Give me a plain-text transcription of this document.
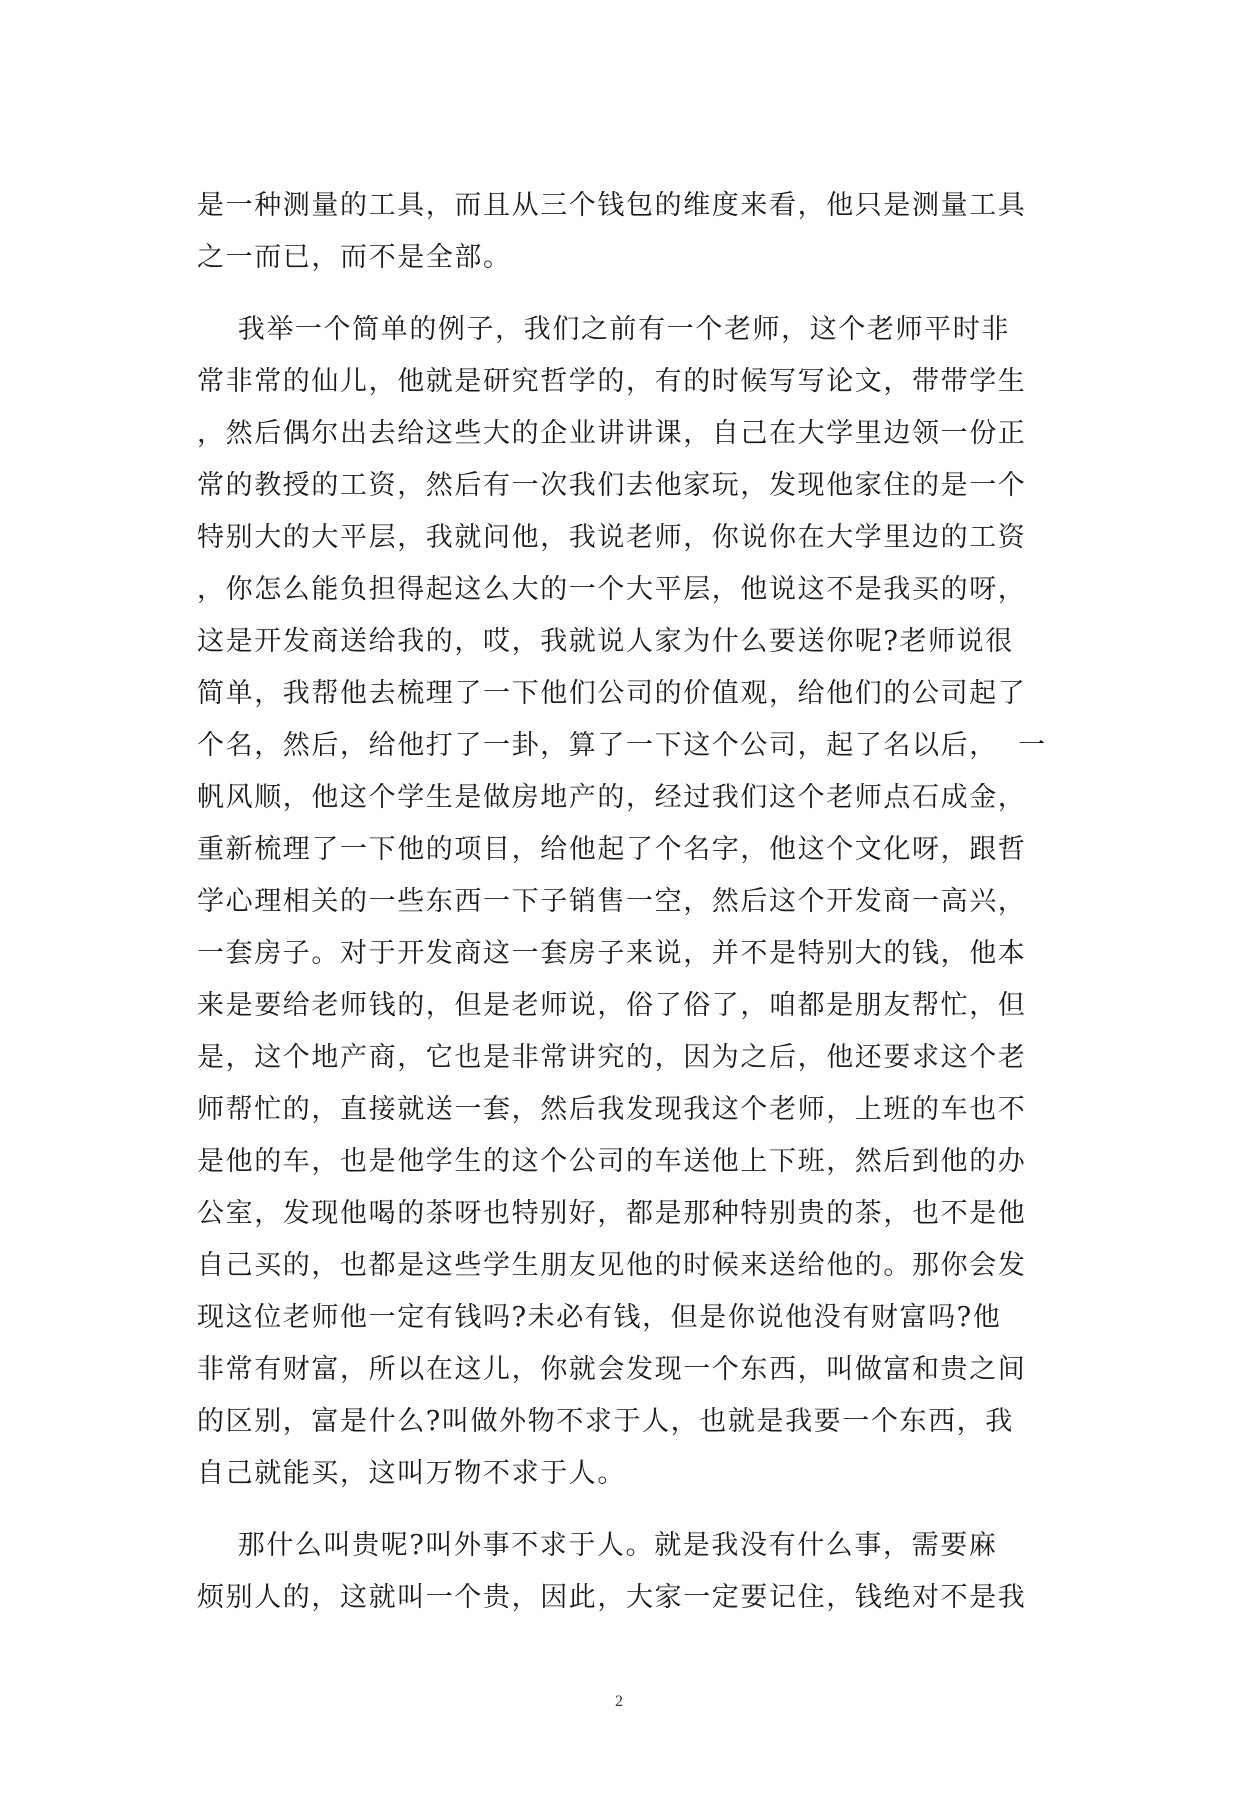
是一种测量的工具，而且从三个钱包的维度来看，他只是测量工具
之一而已，而不是全部。
我举一个简单的例子，我们之前有一个老师，这个老师平时非
常非常的仙儿，他就是研究哲学的，有的时候写写论文，带带学生
，然后偶尔出去给这些大的企业讲讲课，自己在大学里边领一份正
常的教授的工资，然后有一次我们去他家玩，发现他家住的是一个
特别大的大平层，我就问他，我说老师，你说你在大学里边的工资
，你怎么能负担得起这么大的一个大平层，他说这不是我买的呀，
这是开发商送给我的，哎，我就说人家为什么要送你呢?老师说很
简单，我帮他去梳理了一下他们公司的价值观，给他们的公司起了
个名，然后，给他打了一卦，算了一下这个公司，起了名以后，  一
帆风顺，他这个学生是做房地产的，经过我们这个老师点石成金，
重新梳理了一下他的项目，给他起了个名字，他这个文化呀，跟哲
学心理相关的一些东西一下子销售一空，然后这个开发商一高兴，
一套房子。对于开发商这一套房子来说，并不是特别大的钱，他本
来是要给老师钱的，但是老师说，俗了俗了，咱都是朋友帮忙，但
是，这个地产商，它也是非常讲究的，因为之后，他还要求这个老
师帮忙的，直接就送一套，然后我发现我这个老师，上班的车也不
是他的车，也是他学生的这个公司的车送他上下班，然后到他的办
公室，发现他喝的茶呀也特别好，都是那种特别贵的茶，也不是他
自己买的，也都是这些学生朋友见他的时候来送给他的。那你会发
现这位老师他一定有钱吗?未必有钱，但是你说他没有财富吗?他
非常有财富，所以在这儿，你就会发现一个东西，叫做富和贵之间
的区别，富是什么?叫做外物不求于人，也就是我要一个东西，我
自己就能买，这叫万物不求于人。
那什么叫贵呢?叫外事不求于人。就是我没有什么事，需要麻
烦别人的，这就叫一个贵，因此，大家一定要记住，钱绝对不是我
2
